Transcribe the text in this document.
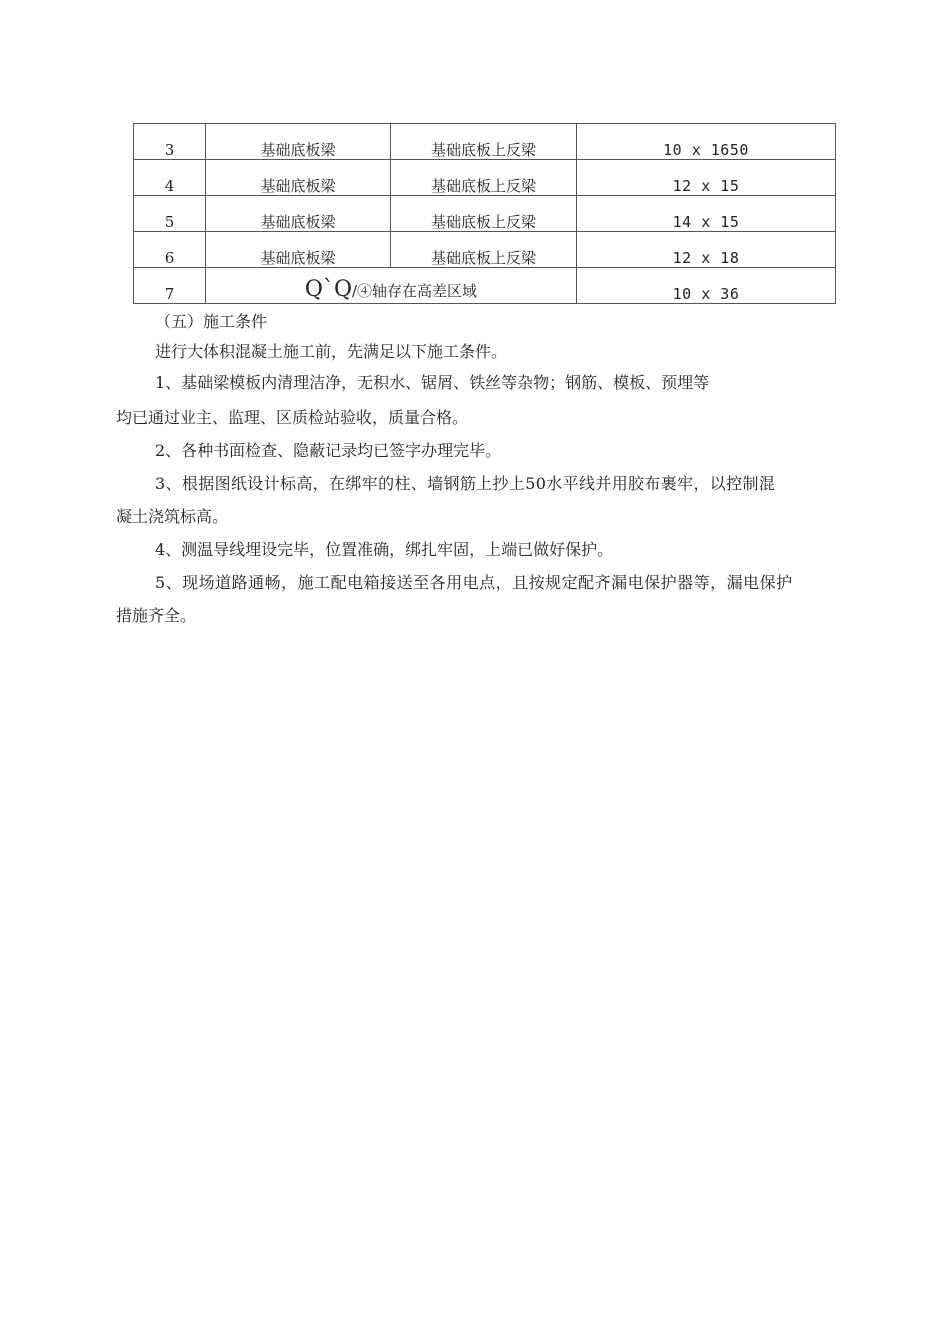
3	基础底板梁	基础底板上反梁	10 x 1650
4	基础底板梁	基础底板上反梁	12 x 15
5	基础底板梁	基础底板上反梁	14 x 15
6	基础底板梁	基础底板上反梁	12 x 18
7	Q`Q/④轴存在高差区域		10 x 36
（五）施工条件
进行大体积混凝土施工前，先满足以下施工条件。
1、基础梁模板内清理洁净，无积水、锯屑、铁丝等杂物；钢筋、模板、预埋等
均已通过业主、监理、区质检站验收，质量合格。
2、各种书面检查、隐蔽记录均已签字办理完毕。
3、根据图纸设计标高，在绑牢的柱、墙钢筋上抄上50水平线并用胶布裹牢，以控制混
凝土浇筑标高。
4、测温导线埋设完毕，位置准确，绑扎牢固，上端已做好保护。
5、现场道路通畅，施工配电箱接送至各用电点，且按规定配齐漏电保护器等，漏电保护
措施齐全。
